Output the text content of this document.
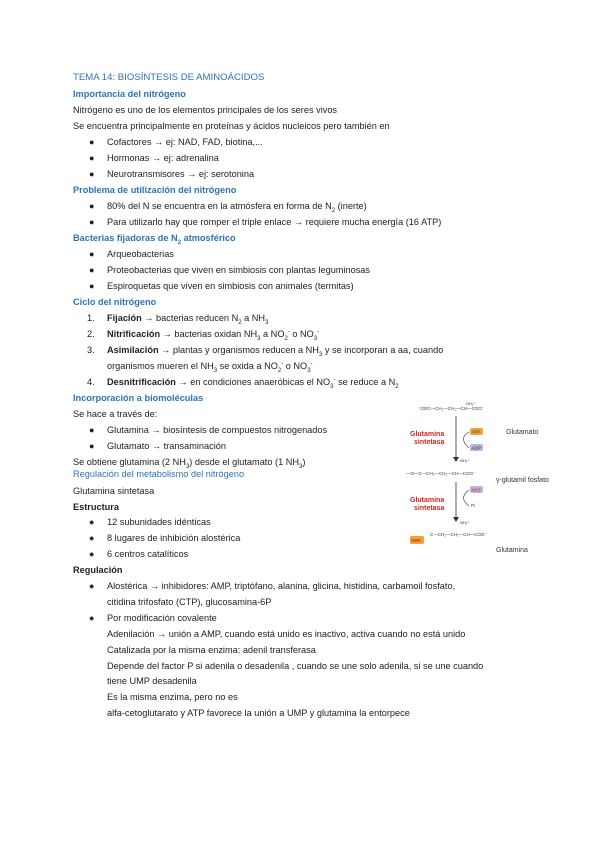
TEMA 14: BIOSÍNTESIS DE AMINOÁCIDOS
Importancia del nitrógeno
Nitrógeno es uno de los elementos principales de los seres vivos
Se encuentra principalmente en proteínas y ácidos nucleicos pero también en
● Cofactores → ej: NAD, FAD, biotina,...
● Hormonas → ej: adrenalina
● Neurotransmisores → ej: serotonina
Problema de utilización del nitrógeno
● 80% del N se encuentra en la atmósfera en forma de $N_2$ (inerte)
● Para utilizarlo hay que romper el triple enlace → requiere mucha energía (16 ATP)
Bacterias fijadoras de $N_2$ atmosférico
● Arqueobacterias
● Proteobacterias que viven en simbiosis con plantas leguminosas
● Espiroquetas que viven en simbiosis con animales (termitas)
Ciclo del nitrógeno
1. Fijación → bacterias reducen $N_2$ a $NH_3$
2. Nitrificación → bacterias oxidan $NH_3$ a $NO_2^-$ o $NO_3^-$
3. Asimilación → plantas y organismos reducen a $NH_3$ y se incorporan a aa, cuando
organismos mueren el $NH_3$ se oxida a $NO_2^-$ o $NO_3^-$
4. Desnitrificación → en condiciones anaeróbicas el $NO_3^-$ se reduce a $N_2$
Incorporación a biomoléculas
Se hace a través de:
● Glutamina → biosíntesis de compuestos nitrogenados
● Glutamato → transaminación
Se obtiene glutamina (2 $NH_3$) desde el glutamato (1 $NH_3$)
Regulación del metabolismo del nitrógeno
Glutamina sintetasa
Estructura
● 12 subunidades idénticas
● 8 lugares de inhibición alostérica
● 6 centros catalíticos
Regulación
● Alostérica → inhibidores: AMP, triptófano, alanina, glicina, histidina, carbamoil fosfato,
citidina trifosfato (CTP), glucosamina-6P
● Por modificación covalente
Adenilación → unión a AMP, cuando está unido es inactivo, activa cuando no está unido
Catalizada por la misma enzima: adenil transferasa
Depende del factor P si adenila o desadenila , cuando se une solo adenila, si se une cuando
tiene UMP desadenila
Es la misma enzima, pero no es
alfa-cetoglutarato y ATP favorece la unión a UMP y glutamina la entorpece
⁻OOC—CH₂—CH₂—CH—COO⁻
NH₃⁺
Glutamato
ATP
ADP
Glutamina
sintetasa
NH₃⁺
—O—C—CH₂—CH₂—CH—COO⁻
γ-glutamil fosfato
NH3
Pi
Glutamina
sintetasa
NH₃⁺
C—CH₂—CH₂—CH—COO⁻
H2N
Glutamina
